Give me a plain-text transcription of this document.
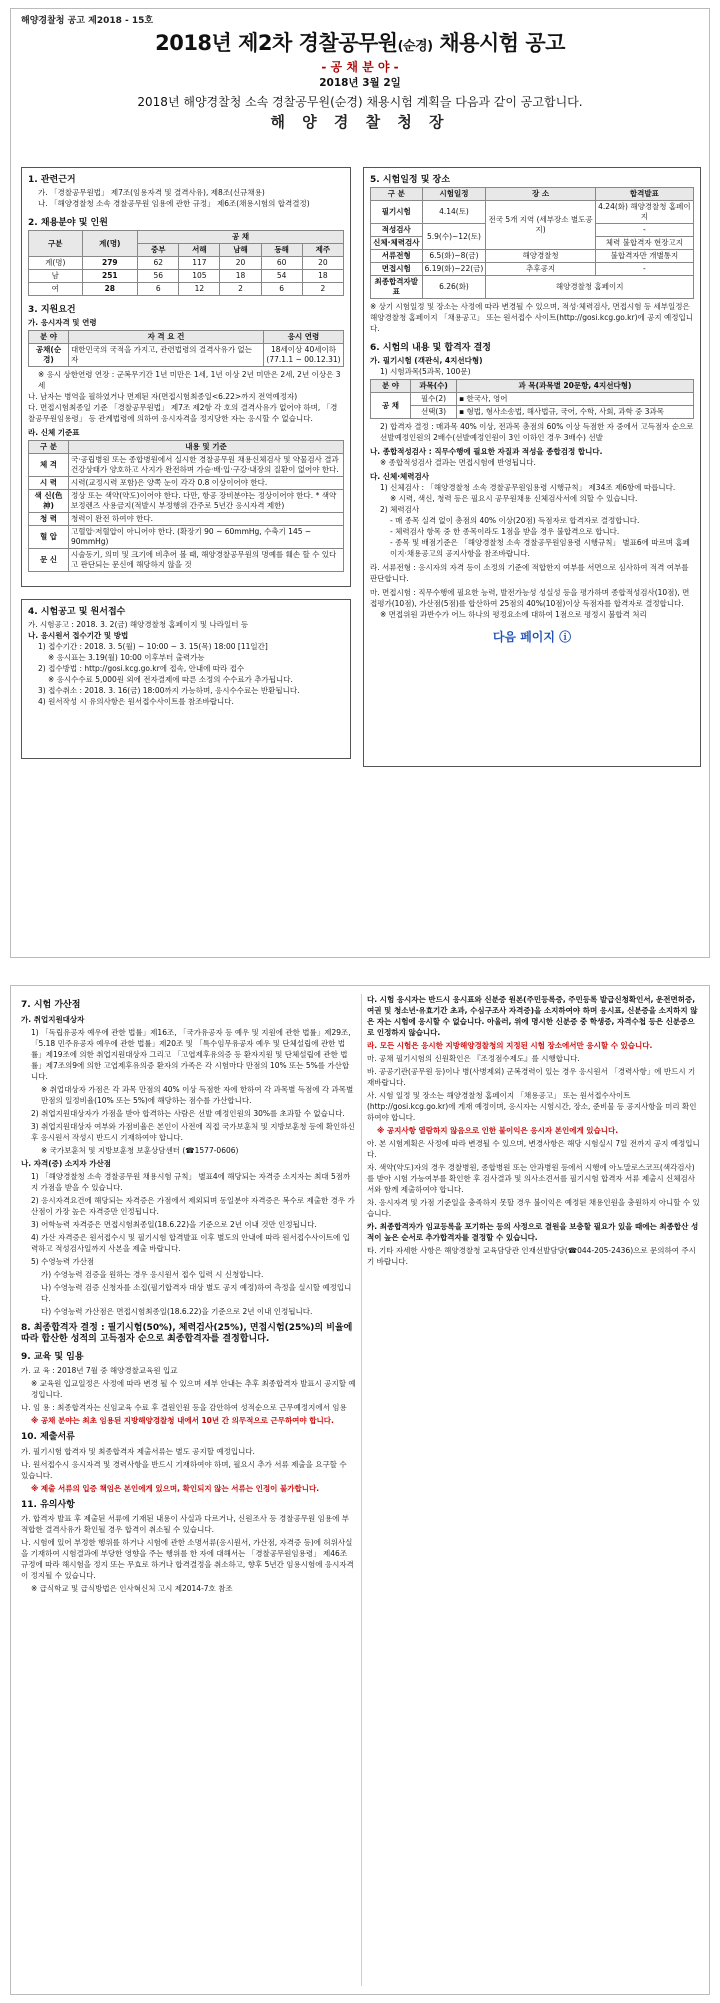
해양경찰청 공고 제2018 - 15호
2018년 제2차 경찰공무원(순경) 채용시험 공고
- 공 채 분 야 -
2018년 3월 2일
2018년 해양경찰청 소속 경찰공무원(순경) 채용시험 계획을 다음과 같이 공고합니다.
해 양 경 찰 청 장
1. 관련근거
가. 「경찰공무원법」 제7조(임용자격 및 결격사유), 제8조(신규채용)
나. 「해양경찰청 소속 경찰공무원 임용에 관한 규정」 제6조(채용시험의 합격결정)
2. 채용분야 및 인원
구분	계(명)	공 채				
		중부	서해	남해	동해	제주
계(명)	279	62	117	20	60	20
남	251	56	105	18	54	18
여	28	6	12	2	6	2
3. 지원요건
가. 응시자격 및 연령
분 야	자 격 요 건	응시 연령
공채(순경)	대한민국의 국적을 가지고, 관련법령의 결격사유가 없는 자	18세이상 40세이하 (77.1.1 ~ 00.12.31)
※ 응시 상한연령 연장 : 군복무기간 1년 미만은 1세, 1년 이상 2년 미만은 2세, 2년 이상은 3세
나. 남자는 병역을 필하였거나 면제된 자(면접시험최종일<6.22>까지 전역예정자)
다. 면접시험최종일 기준 「경찰공무원법」 제7조 제2항 각 호의 결격사유가 없어야 하며, 「경찰공무원임용령」 등 관계법령에 의하여 응시자격을 정지당한 자는 응시할 수 없습니다.
라. 신체 기준표
구 분	내용 및 기준
체 격	국·공립병원 또는 종합병원에서 실시한 경찰공무원 채용신체검사 및 약물검사 결과 건강상태가 양호하고 사지가 완전하며 가슴·배·입·구강·내장의 질환이 없어야 한다.
시 력	시력(교정시력 포함)은 양쪽 눈이 각각 0.8 이상이어야 한다.
색 신(色 神)	정상 또는 색약(약도)이어야 한다. 다만, 항공 장비분야는 정상이어야 한다. * 색약 보정렌즈 사용금지(적발시 부정행위 간주로 5년간 응시자격 제한)
청 력	청력이 완전 하여야 한다.
혈 압	고혈압·저혈압이 아니어야 한다. (확장기 90 ~ 60mmHg, 수축기 145 ~ 90mmHg)
문 신	시술동기, 의미 및 크기에 비추어 볼 때, 해양경찰공무원의 명예를 훼손 할 수 있다고 판단되는 문신에 해당하지 않을 것
4. 시험공고 및 원서접수
가. 시험공고 : 2018. 3. 2(금) 해양경찰청 홈페이지 및 나라일터 등
나. 응시원서 접수기간 및 방법
1) 접수기간 : 2018. 3. 5(월) ~ 10:00 ~ 3. 15(목) 18:00 [11일간]
※ 응시표는 3.19(월) 10:00 이후부터 출력가능
2) 접수방법 : http://gosi.kcg.go.kr에 접속, 안내에 따라 접수
※ 응시수수료 5,000원 외에 전자결제에 따른 소정의 수수료가 추가됩니다.
3) 접수취소 : 2018. 3. 16(금) 18:00까지 가능하며, 응시수수료는 반환됩니다.
4) 원서작성 시 유의사항은 원서접수사이트를 참조바랍니다.
5. 시험일정 및 장소
구 분	시험일정	장 소	합격발표
필기시험	4.14(토)	전국 5개 지역 (세부장소 별도공지)	4.24(화) 해양경찰청 홈페이지
적성검사	5.9(수)~12(토)		-
신체·체력검사			체력 불합격자 현장고지
서류전형	6.5(화)~8(금)	해양경찰청	불합격자만 개별통지
면접시험	6.19(화)~22(금)	추후공지	-
최종합격자발표	6.26(화)	해양경찰청 홈페이지	
※ 상기 시험일정 및 장소는 사정에 따라 변경될 수 있으며, 적성·체력검사, 면접시험 등 세부일정은 해양경찰청 홈페이지 「채용공고」 또는 원서접수 사이트(http://gosi.kcg.go.kr)에 공지 예정입니다.
6. 시험의 내용 및 합격자 결정
가. 필기시험 (객관식, 4지선다형)
1) 시험과목(5과목, 100문)
분 야	과목(수)	과 목(과목별 20문항, 4지선다형)
공 채	필수(2)	▪ 한국사, 영어
	선택(3)	▪ 형법, 형사소송법, 해사법규, 국어, 수학, 사회, 과학 중 3과목
2) 합격자 결정 : 매과목 40% 이상, 전과목 총점의 60% 이상 득점한 자 중에서 고득점자 순으로 선발예정인원의 2배수(선발예정인원이 3인 이하인 경우 3배수) 선발
나. 종합적성검사 : 직무수행에 필요한 자질과 적성을 종합검정 합니다.
※ 종합적성검사 결과는 면접시험에 반영됩니다.
다. 신체·체력검사
1) 신체검사 : 「해양경찰청 소속 경찰공무원임용령 시행규칙」 제34조 제6항에 따릅니다.
※ 시력, 색신, 청력 등은 필요시 공무원채용 신체검사서에 의할 수 있습니다.
2) 체력검사
- 매 종목 실격 없이 총점의 40% 이상(20점) 득점자로 합격자로 결정합니다.
- 체력검사 항목 중 한 종목이라도 1점을 받을 경우 불합격으로 합니다.
- 종목 및 배점기준은 「해양경찰청 소속 경찰공무원임용령 시행규칙」 별표6에 따르며 홈페이지·채용공고의 공지사항을 참조바랍니다.
라. 서류전형 : 응시자의 자격 등이 소정의 기준에 적합한지 여부를 서면으로 심사하여 적격 여부를 판단합니다.
마. 면접시험 : 직무수행에 필요한 능력, 발전가능성 성실성 등을 평가하며 종합적성검사(10점), 면접평가(10점), 가산점(5점)를 합산하여 25점의 40%(10점)이상 득점자를 합격자로 결정합니다.
※ 면접위원 과반수가 어느 하나의 평정요소에 대하여 1점으로 평정시 불합격 처리
다음 페이지 ⓘ
7. 시험 가산점
가. 취업지원대상자
1) 「독립유공자 예우에 관한 법률」제16조, 「국가유공자 등 예우 및 지원에 관한 법률」제29조, 「5.18 민주유공자 예우에 관한 법률」제20조 및 「특수임무유공자 예우 및 단체설립에 관한 법률」제19조에 의한 취업지원대상자 그리고 「고엽제후유의증 등 환자지원 및 단체설립에 관한 법률」제7조의9에 의한 고엽제후유의증 환자의 가족은 각 시험마다 만점의 10% 또는 5%를 가산합니다.
※ 취업대상자 가점은 각 과목 만점의 40% 이상 득점한 자에 한하여 각 과목별 득점에 각 과목별 만점의 일정비율(10% 또는 5%)에 해당하는 점수를 가산합니다.
2) 취업지원대상자가 가점을 받아 합격하는 사람은 선발 예정인원의 30%를 초과할 수 없습니다.
3) 취업지원대상자 여부와 가점비율은 본인이 사전에 직접 국가보훈처 및 지방보훈청 등에 확인하신 후 응시원서 작성시 반드시 기재하여야 합니다.
※ 국가보훈처 및 지방보훈청 보훈상담센터 (☎1577-0606)
나. 자격(증) 소지자 가산점
1) 「해양경찰청 소속 경찰공무원 채용시험 규칙」 별표4에 해당되는 자격증 소지자는 최대 5점까지 가점을 받을 수 있습니다.
2) 응시자격요건에 해당되는 자격증은 가점에서 제외되며 동일분야 자격증은 복수로 제출한 경우 가산점이 가장 높은 자격증만 인정됩니다.
3) 어학능력 자격증은 면접시험최종일(18.6.22)을 기준으로 2년 이내 것만 인정됩니다.
4) 가산 자격증은 원서접수시 및 필기시험 합격발표 이후 별도의 안내에 따라 원서접수사이트에 입력하고 적성검사일까지 사본을 제출 바랍니다.
5) 수영능력 가산점
가) 수영능력 검증을 원하는 경우 응시원서 접수 입력 시 신청합니다.
나) 수영능력 검증 신청자를 소집(필기합격자 대상 별도 공지 예정)하여 측정을 실시할 예정입니다.
다) 수영능력 가산점은 면접시험최종일(18.6.22)을 기준으로 2년 이내 인정됩니다.
8. 최종합격자 결정 : 필기시험(50%), 체력검사(25%), 면접시험(25%)의 비율에 따라 합산한 성적의 고득점자 순으로 최종합격자를 결정합니다.
9. 교육 및 임용
가. 교 육 : 2018년 7월 중 해양경찰교육원 입교
※ 교육원 입교일정은 사정에 따라 변경 될 수 있으며 세부 안내는 추후 최종합격자 발표시 공지할 예정입니다.
나. 임 용 : 최종합격자는 신임교육 수료 후 결원인원 등을 감안하여 성적순으로 근무예정지에서 임용
※ 공채 분야는 최초 임용된 지방해양경찰청 내에서 10년 간 의무적으로 근무하여야 합니다.
10. 제출서류
가. 필기시험 합격자 및 최종합격자 제출서류는 별도 공지할 예정입니다.
나. 원서접수시 응시자격 및 경력사항을 반드시 기재하여야 하며, 필요시 추가 서류 제출을 요구할 수 있습니다.
※ 제출 서류의 입증 책임은 본인에게 있으며, 확인되지 않는 서류는 인정이 불가합니다.
11. 유의사항
가. 합격자 발표 후 제출된 서류에 기재된 내용이 사실과 다르거나, 신원조사 등 경찰공무원 임용에 부적합한 결격사유가 확인될 경우 합격이 취소될 수 있습니다.
나. 시험에 있어 부정한 행위를 하거나 시험에 관한 소명서류(응시원서, 가산점, 자격증 등)에 허위사실을 기재하여 시험결과에 부당한 영향을 주는 행위를 한 자에 대해서는 「경찰공무원임용령」 제46조 규정에 따라 해시험을 정지 또는 무효로 하거나 합격결정을 취소하고, 향후 5년간 임용시험에 응시자격이 정지될 수 있습니다.
※ 급식학교 및 급식방법은 인사혁신처 고시 제2014-7호 참조
다. 시험 응시자는 반드시 응시표와 신분증 원본(주민등록증, 주민등록 발급신청확인서, 운전면허증, 여권 및 청소년·유효기간 초과, 수심구조사 자격증)을 소지하여야 하며 응시표, 신분증을 소지하지 않은 자는 시험에 응시할 수 없습니다. 아울러, 위에 명시한 신분증 중 학생증, 자격수첩 등은 신분증으로 인정하지 않습니다.
라. 모든 시험은 응시한 지방해양경찰청의 지정된 시험 장소에서만 응시할 수 있습니다.
마. 공채 필기시험의 신원확인은 『조정점수제도』를 시행합니다.
바. 공공기관(공무원 등)이나 병(사병제외) 군복경력이 있는 경우 응시원서 「경력사항」에 반드시 기재바랍니다.
사. 시험 일정 및 장소는 해양경찰청 홈페이지 「채용공고」 또는 원서접수사이트(http://gosi.kcg.go.kr)에 게재 예정이며, 응시자는 시험시간, 장소, 준비물 등 공지사항을 미리 확인하여야 합니다.
※ 공지사항 열람하지 않음으로 인한 불이익은 응시자 본인에게 있습니다.
아. 본 시험계획은 사정에 따라 변경될 수 있으며, 변경사항은 해당 시험실시 7일 전까지 공지 예정입니다.
자. 색약(약도)자의 경우 경찰병원, 종합병원 또는 안과병원 등에서 시행에 아노말로스코프(색각검사)를 받아 시험 가능여부를 확인한 후 검사결과 및 의사소견서를 필기시험 합격자 서류 제출시 신체검사서와 함께 제출하여야 합니다.
차. 응시자격 및 가점 기준일을 충족하지 못할 경우 불이익은 예정된 채용인원을 충원하지 아니할 수 있습니다.
카. 최종합격자가 임교등록을 포기하는 등의 사정으로 결원을 보충할 필요가 있을 때에는 최종합산 성적이 높은 순서로 추가합격자를 결정할 수 있습니다.
타. 기타 자세한 사항은 해양경찰청 교육담당관 인재선발담당(☎044-205-2436)으로 문의하여 주시기 바랍니다.
